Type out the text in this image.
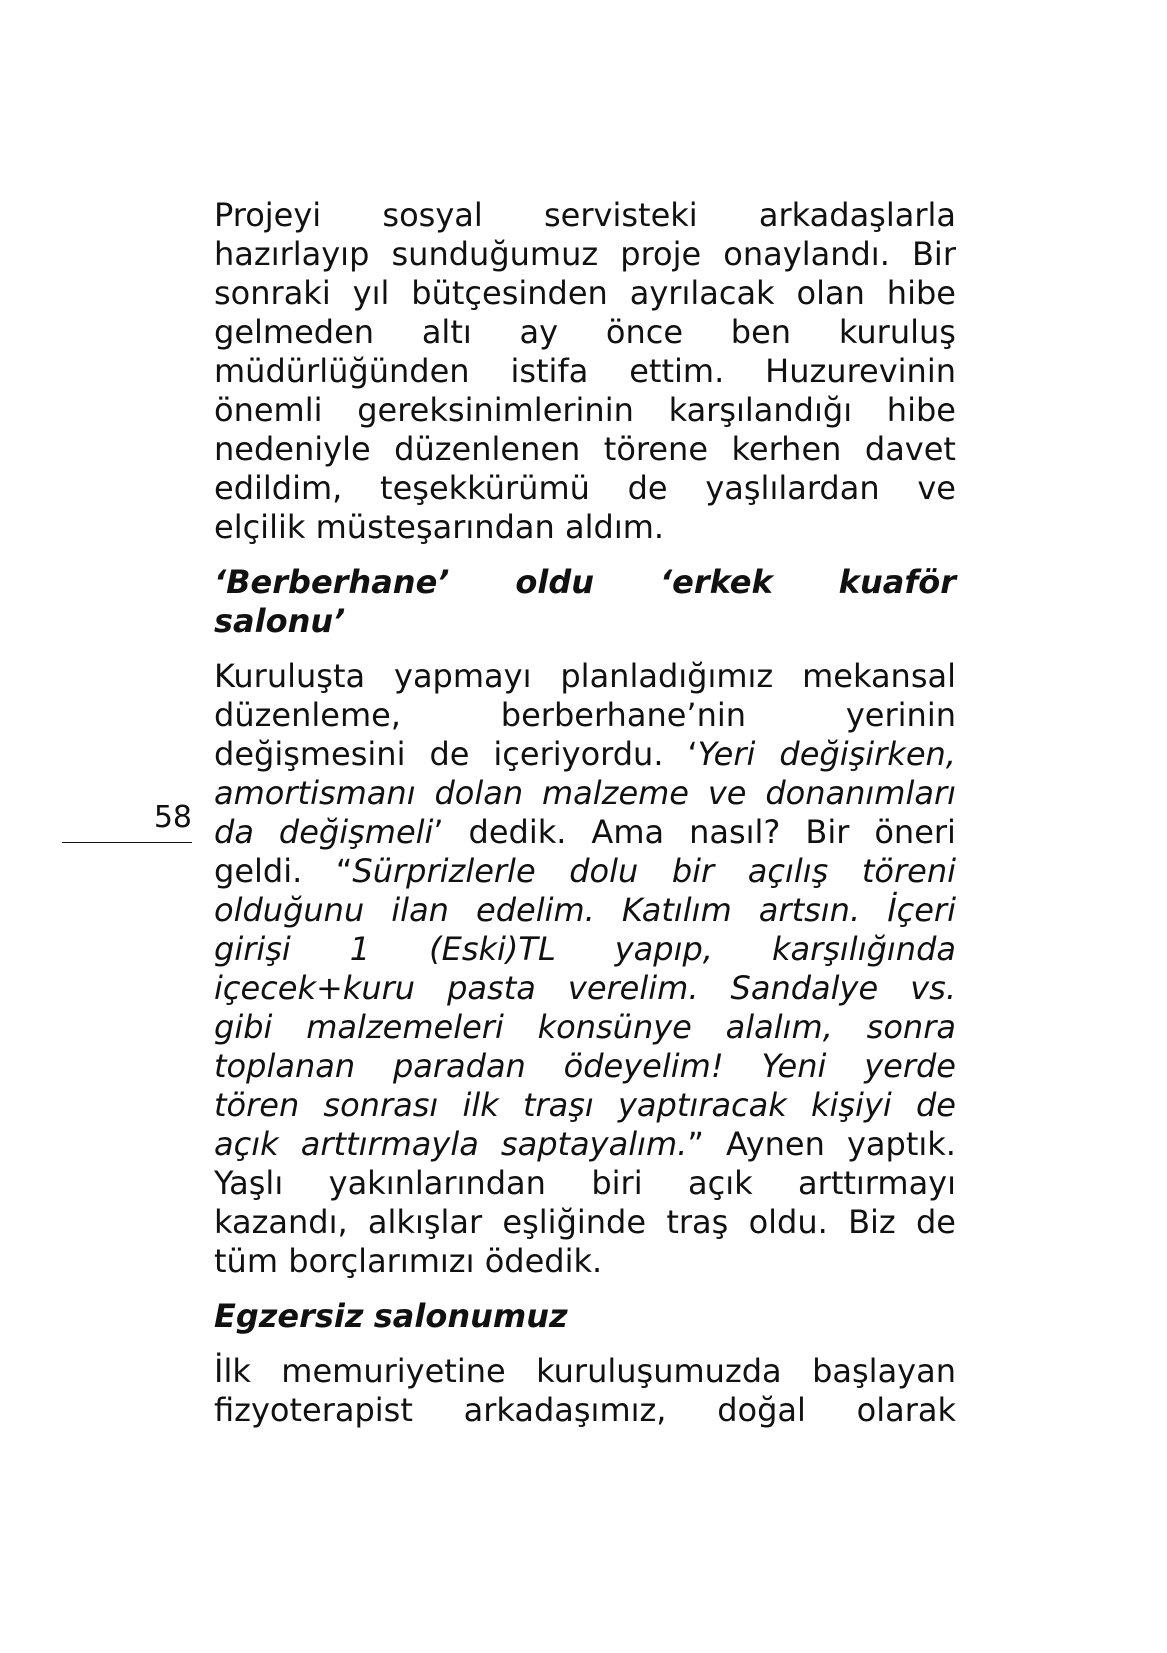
Projeyi sosyal servisteki arkadaşlarla
hazırlayıp sunduğumuz proje onaylandı. Bir
sonraki yıl bütçesinden ayrılacak olan hibe
gelmeden altı ay önce ben kuruluş
müdürlüğünden istifa ettim. Huzurevinin
önemli gereksinimlerinin karşılandığı hibe
nedeniyle düzenlenen törene kerhen davet
edildim, teşekkürümü de yaşlılardan ve
elçilik müsteşarından aldım.
‘Berberhane’ oldu ‘erkek kuaför
salonu’
Kuruluşta yapmayı planladığımız mekansal
düzenleme,	berberhane’nin	yerinin
değişmesini de içeriyordu. ‘Yeri değişirken,
amortismanı dolan malzeme ve donanımları
da değişmeli’ dedik. Ama nasıl? Bir öneri
geldi. “Sürprizlerle dolu bir açılış töreni
olduğunu ilan edelim. Katılım artsın. İçeri
girişi 1 (Eski)TL yapıp, karşılığında
içecek+kuru pasta verelim. Sandalye vs.
gibi malzemeleri konsünye alalım, sonra
toplanan paradan ödeyelim! Yeni yerde
tören sonrası ilk traşı yaptıracak kişiyi de
açık arttırmayla saptayalım.” Aynen yaptık.
Yaşlı yakınlarından biri açık arttırmayı
kazandı, alkışlar eşliğinde traş oldu. Biz de
tüm borçlarımızı ödedik.
Egzersiz salonumuz
İlk memuriyetine kuruluşumuzda başlayan
fizyoterapist arkadaşımız, doğal olarak
58
